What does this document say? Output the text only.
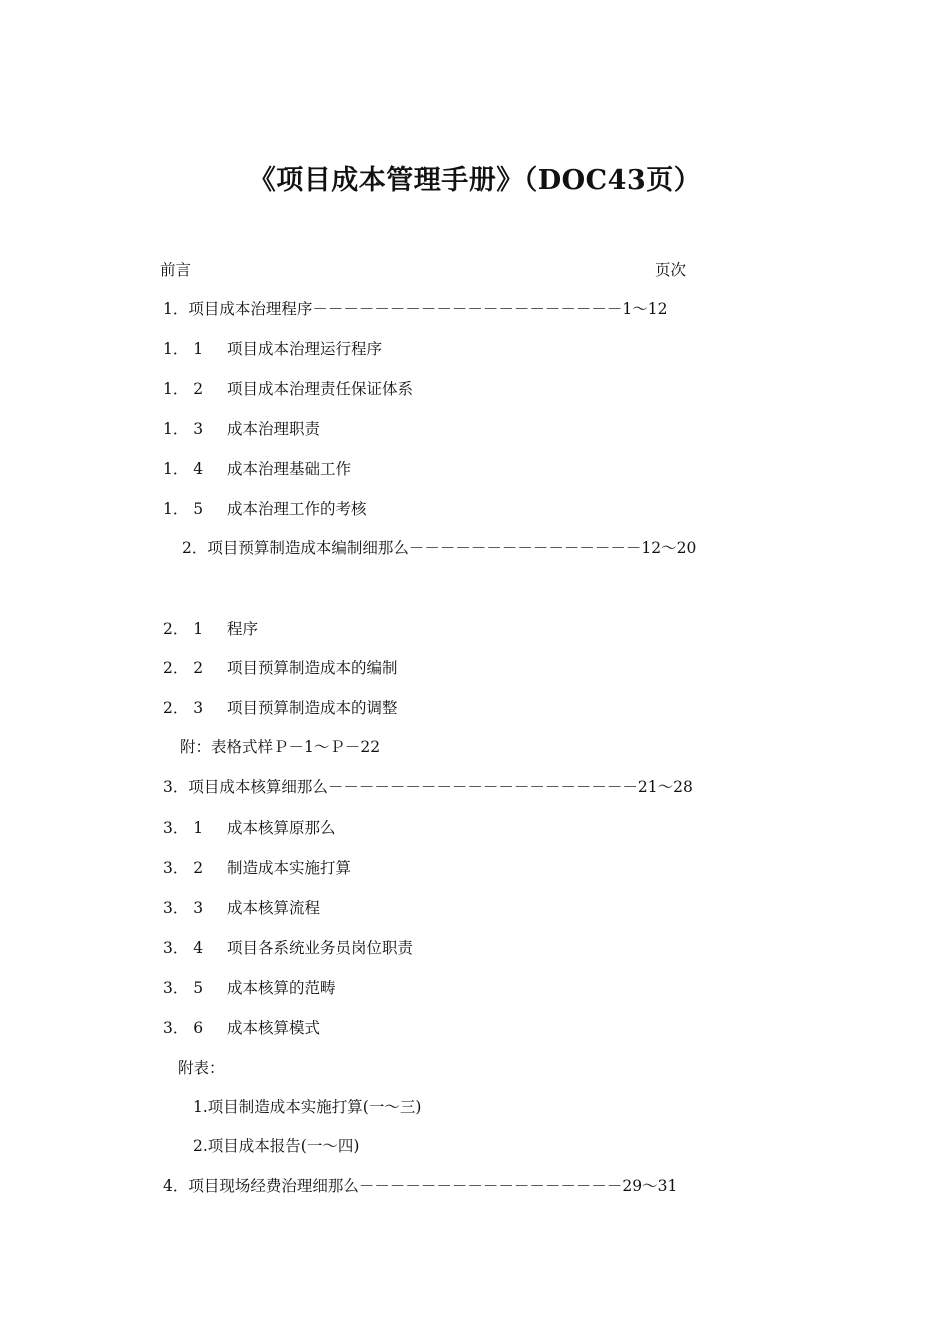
《项目成本管理手册》（DOC43页）
前言	页次
1．项目成本治理程序－－－－－－－－－－－－－－－－－－－－1～12
1． 1 项目成本治理运行程序
1． 2 项目成本治理责任保证体系
1． 3 成本治理职责
1． 4 成本治理基础工作
1． 5 成本治理工作的考核
2．项目预算制造成本编制细那么－－－－－－－－－－－－－－－12～20
2． 1 程序
2． 2 项目预算制造成本的编制
2． 3 项目预算制造成本的调整
附：表格式样Ｐ－1～Ｐ－22
3．项目成本核算细那么－－－－－－－－－－－－－－－－－－－－21～28
3． 1 成本核算原那么
3． 2 制造成本实施打算
3． 3 成本核算流程
3． 4 项目各系统业务员岗位职责
3． 5 成本核算的范畴
3． 6 成本核算模式
附表：
1.项目制造成本实施打算(一～三)
2.项目成本报告(一～四)
4．项目现场经费治理细那么－－－－－－－－－－－－－－－－－29～31
